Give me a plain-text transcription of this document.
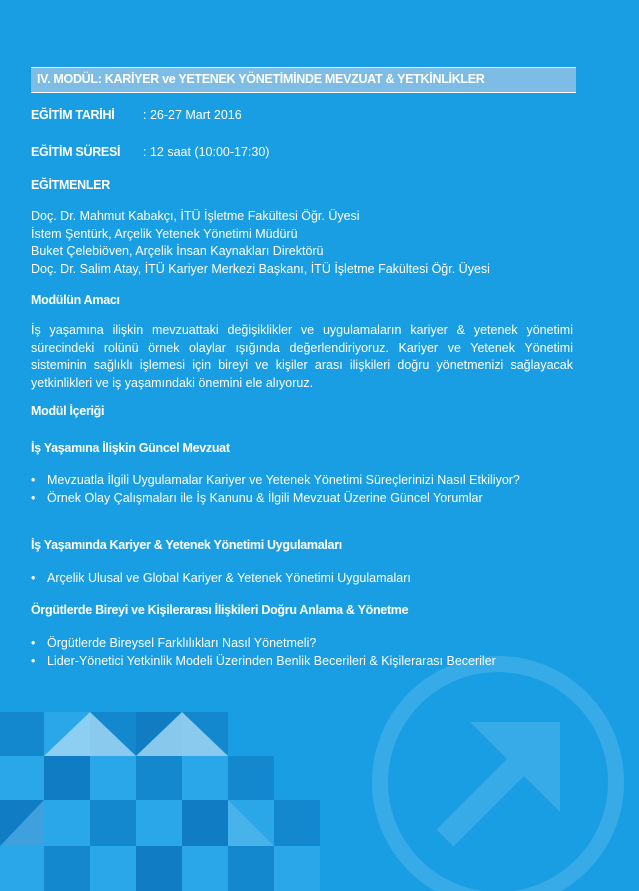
IV. MODÜL: KARİYER ve YETENEK YÖNETİMİNDE MEVZUAT & YETKİNLİKLER
EĞİTİM TARİHİ : 26-27 Mart 2016
EĞİTİM SÜRESİ : 12 saat (10:00-17:30)
EĞİTMENLER
Doç. Dr. Mahmut Kabakçı, İTÜ İşletme Fakültesi Öğr. Üyesi
İstem Şentürk, Arçelik Yetenek Yönetimi Müdürü
Buket Çelebiöven, Arçelik İnsan Kaynakları Direktörü
Doç. Dr. Salim Atay, İTÜ Kariyer Merkezi Başkanı, İTÜ İşletme Fakültesi Öğr. Üyesi
Modülün Amacı
İş yaşamına ilişkin mevzuattaki değişiklikler ve uygulamaların kariyer & yetenek yönetimi sürecindeki rolünü örnek olaylar ışığında değerlendiriyoruz. Kariyer ve Yetenek Yönetimi sisteminin sağlıklı işlemesi için bireyi ve kişiler arası ilişkileri doğru yönetmenizi sağlayacak yetkinlikleri ve iş yaşamındaki önemini ele alıyoruz.
Modül İçeriği
İş Yaşamına İlişkin Güncel Mevzuat
• Mevzuatla İlgili Uygulamalar Kariyer ve Yetenek Yönetimi Süreçlerinizi Nasıl Etkiliyor?
• Örnek Olay Çalışmaları ile İş Kanunu & İlgili Mevzuat Üzerine Güncel Yorumlar
İş Yaşamında Kariyer & Yetenek Yönetimi Uygulamaları
• Arçelik Ulusal ve Global Kariyer & Yetenek Yönetimi Uygulamaları
Örgütlerde Bireyi ve Kişilerarası İlişkileri Doğru Anlama & Yönetme
• Örgütlerde Bireysel Farklılıkları Nasıl Yönetmeli?
• Lider-Yönetici Yetkinlik Modeli Üzerinden Benlik Becerileri & Kişilerarası Beceriler
